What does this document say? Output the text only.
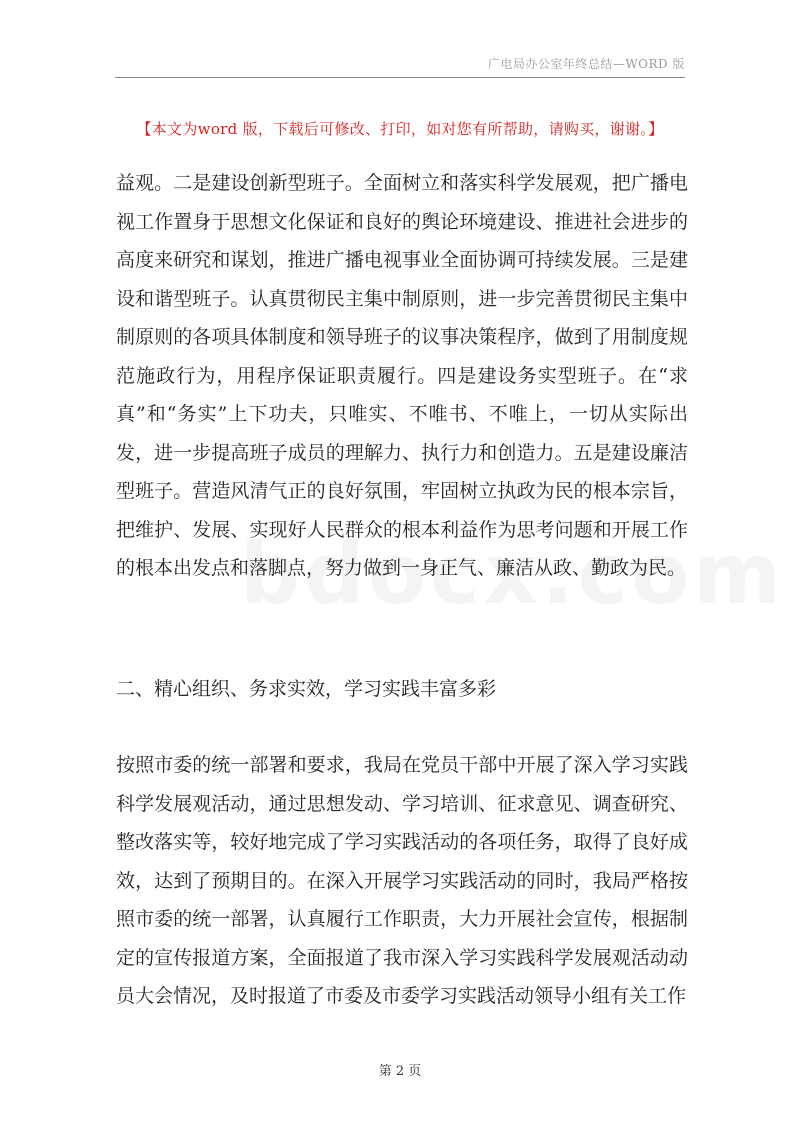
广电局办公室年终总结—WORD 版
【本文为word 版，下载后可修改、打印，如对您有所帮助，请购买，谢谢。】

益观。二是建设创新型班子。全面树立和落实科学发展观，把广播电视工作置身于思想文化保证和良好的舆论环境建设、推进社会进步的高度来研究和谋划，推进广播电视事业全面协调可持续发展。三是建设和谐型班子。认真贯彻民主集中制原则，进一步完善贯彻民主集中制原则的各项具体制度和领导班子的议事决策程序，做到了用制度规范施政行为，用程序保证职责履行。四是建设务实型班子。在“求真”和“务实”上下功夫，只唯实、不唯书、不唯上，一切从实际出发，进一步提高班子成员的理解力、执行力和创造力。五是建设廉洁型班子。营造风清气正的良好氛围，牢固树立执政为民的根本宗旨，把维护、发展、实现好人民群众的根本利益作为思考问题和开展工作的根本出发点和落脚点，努力做到一身正气、廉洁从政、勤政为民。

二、精心组织、务求实效，学习实践丰富多彩

按照市委的统一部署和要求，我局在党员干部中开展了深入学习实践科学发展观活动，通过思想发动、学习培训、征求意见、调查研究、整改落实等，较好地完成了学习实践活动的各项任务，取得了良好成效，达到了预期目的。在深入开展学习实践活动的同时，我局严格按照市委的统一部署，认真履行工作职责，大力开展社会宣传，根据制定的宣传报道方案，全面报道了我市深入学习实践科学发展观活动动员大会情况，及时报道了市委及市委学习实践活动领导小组有关工作

第 2 页
